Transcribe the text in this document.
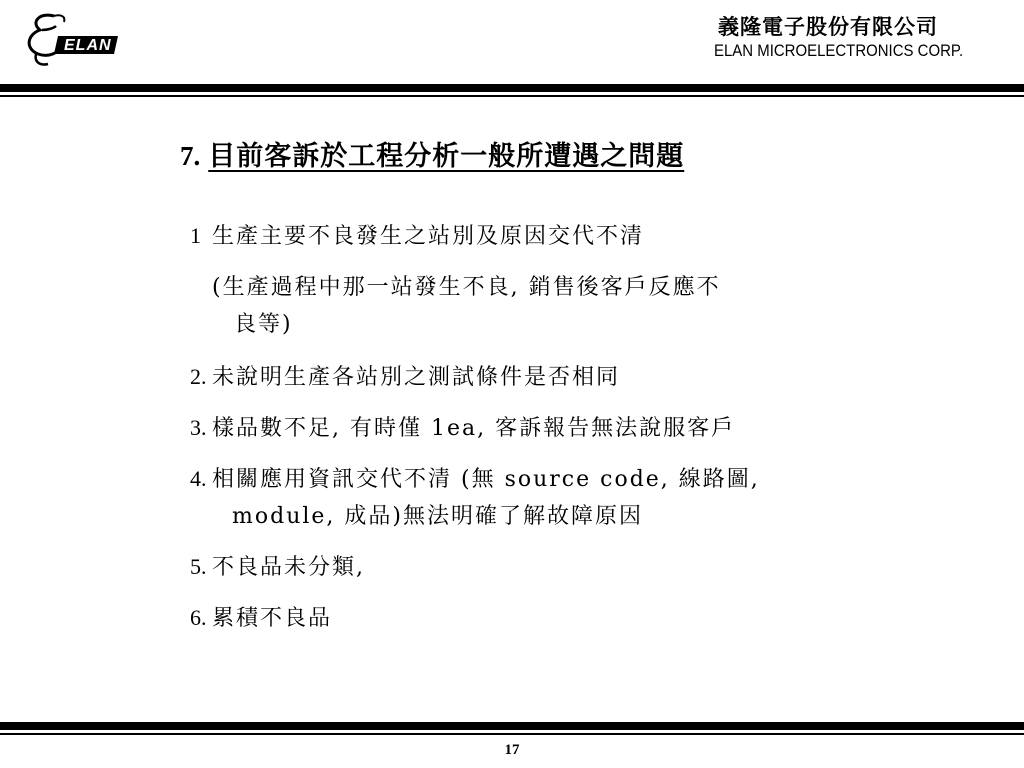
ELAN
義隆電子股份有限公司
ELAN MICROELECTRONICS CORP.
7. 目前客訴於工程分析一般所遭遇之問題
1 生產主要不良發生之站別及原因交代不清
(生產過程中那一站發生不良, 銷售後客戶反應不
良等)
2. 未說明生產各站別之測試條件是否相同
3. 樣品數不足, 有時僅 1ea, 客訴報告無法說服客戶
4. 相關應用資訊交代不清 (無 source code, 線路圖,
module, 成品)無法明確了解故障原因
5. 不良品未分類,
6. 累積不良品
17
